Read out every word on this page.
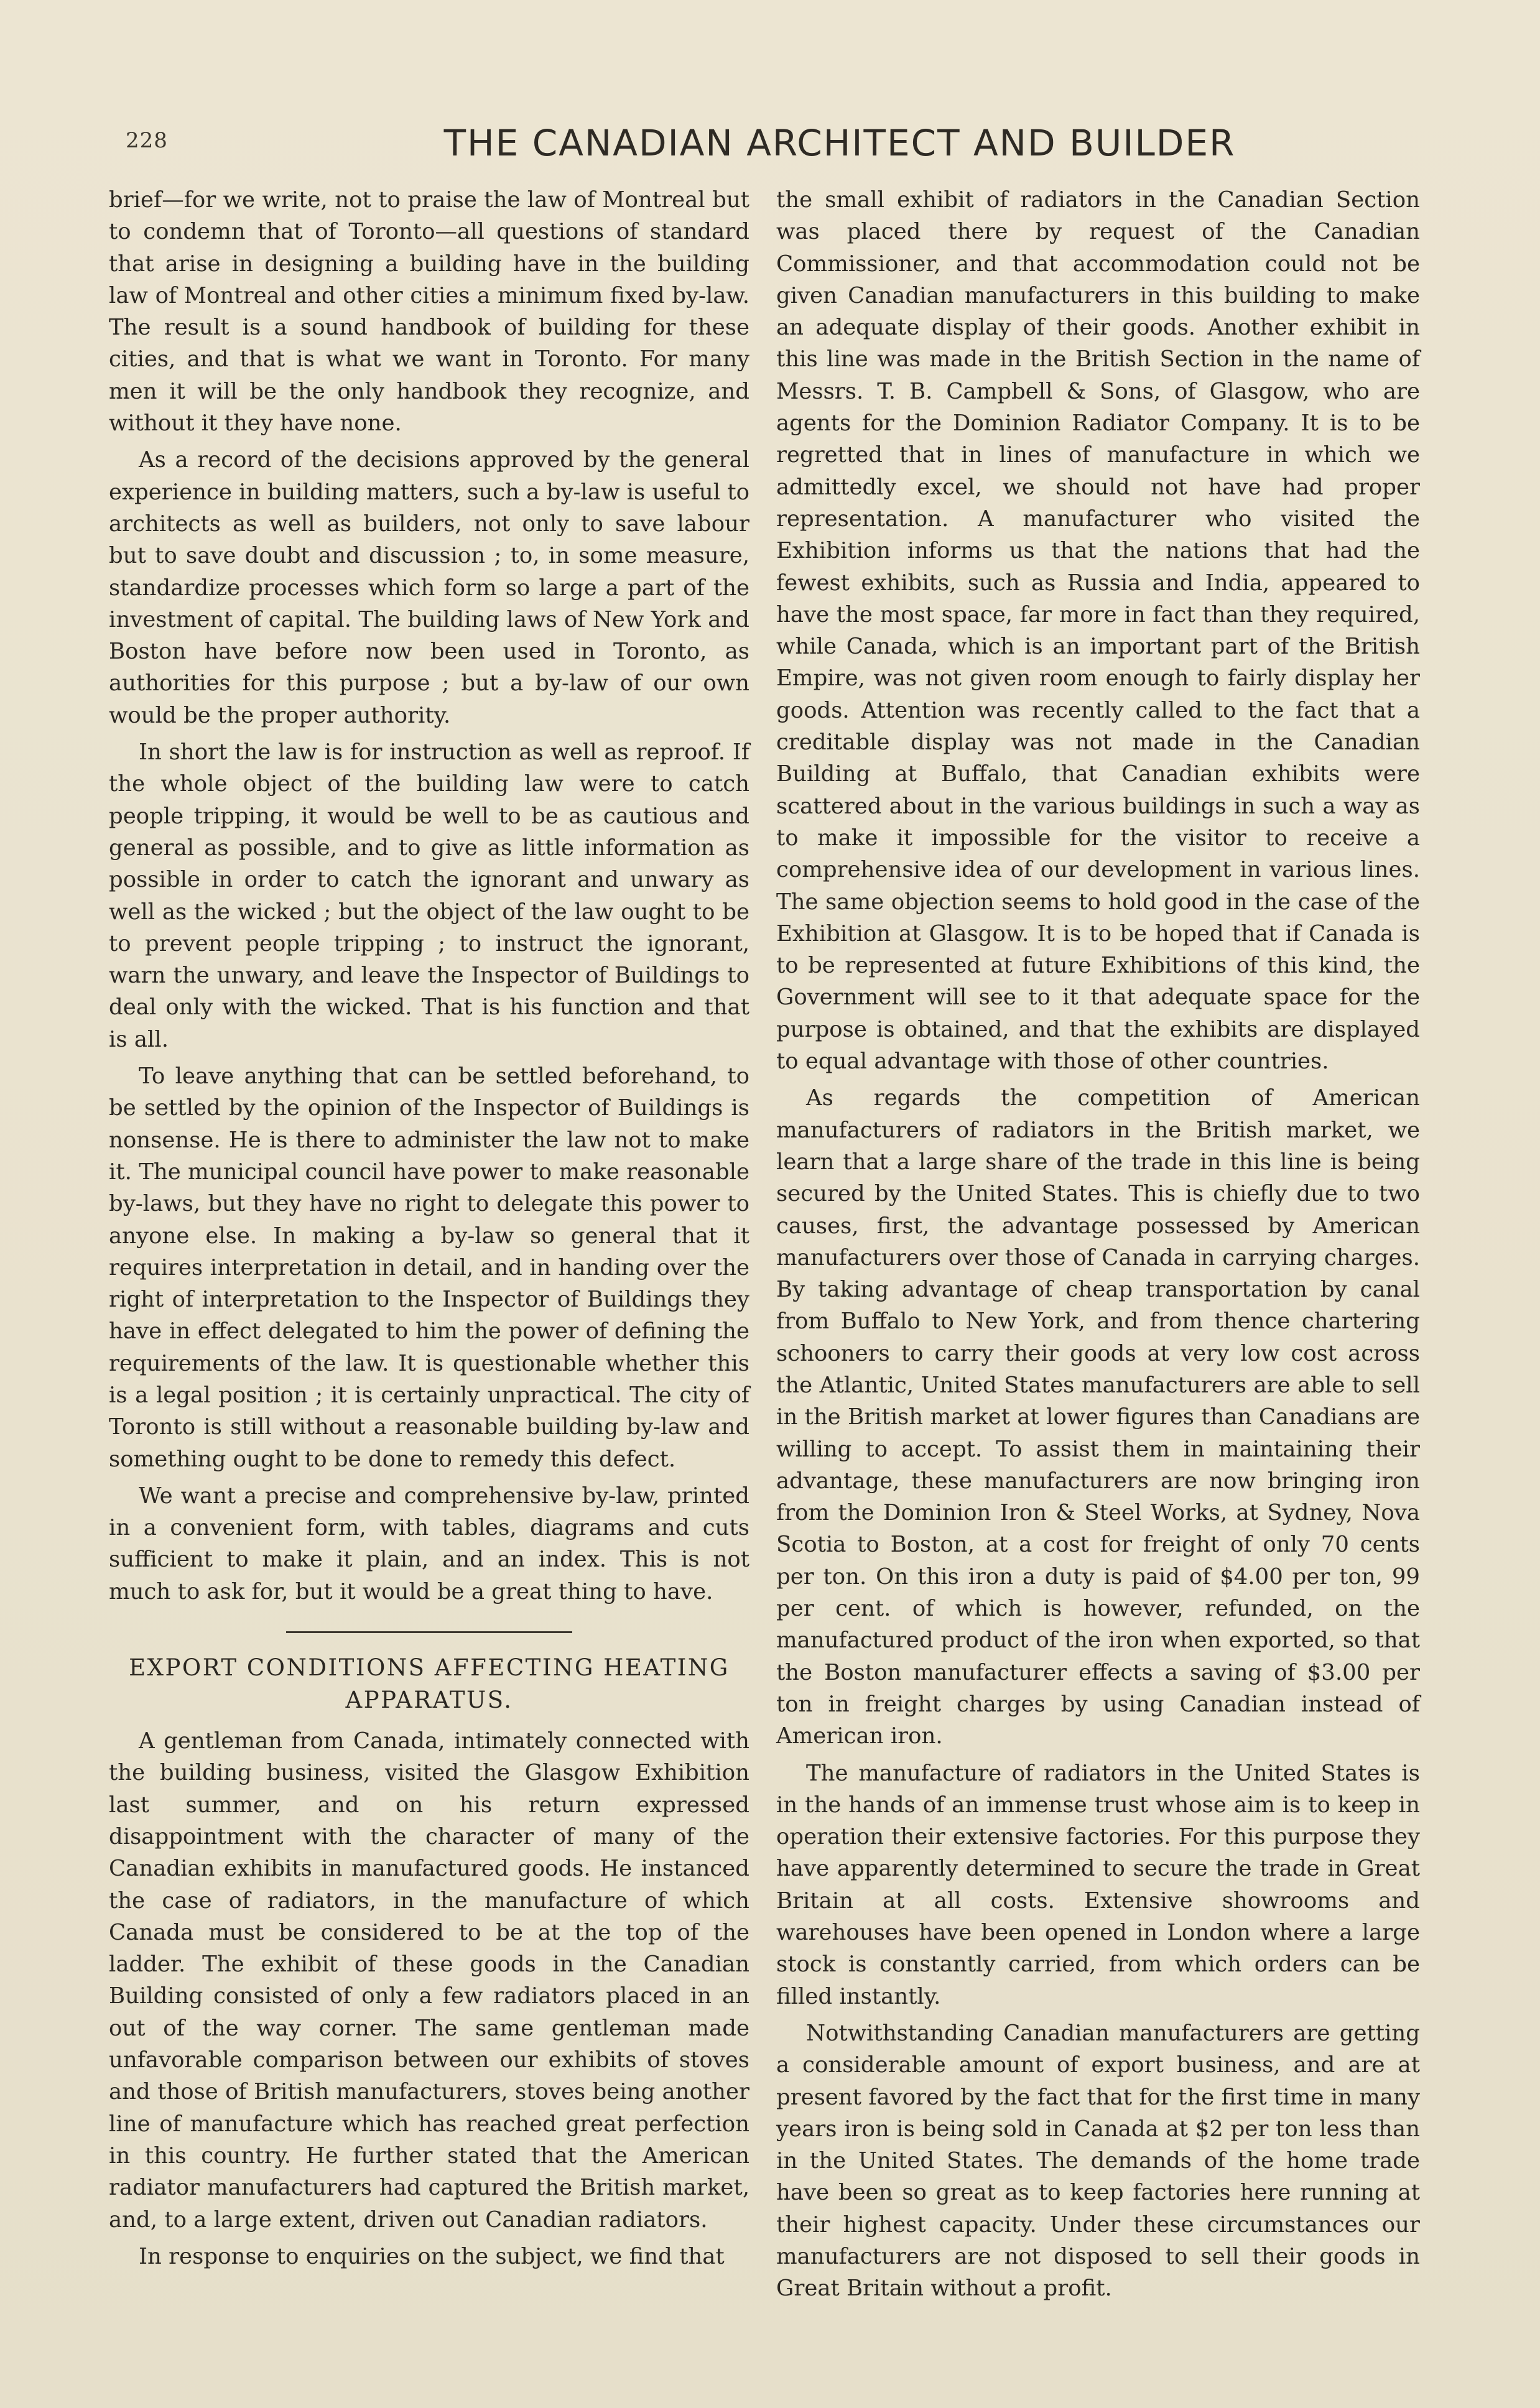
228	THE CANADIAN ARCHITECT AND BUILDER

brief—for we write, not to praise the law of Montreal but to condemn that of Toronto—all questions of standard that arise in designing a building have in the building law of Montreal and other cities a minimum fixed by-law. The result is a sound handbook of building for these cities, and that is what we want in Toronto. For many men it will be the only handbook they recognize, and without it they have none.

As a record of the decisions approved by the general experience in building matters, such a by-law is useful to architects as well as builders, not only to save labour but to save doubt and discussion ; to, in some measure, standardize processes which form so large a part of the investment of capital. The building laws of New York and Boston have before now been used in Toronto, as authorities for this purpose ; but a by-law of our own would be the proper authority.

In short the law is for instruction as well as reproof. If the whole object of the building law were to catch people tripping, it would be well to be as cautious and general as possible, and to give as little information as possible in order to catch the ignorant and unwary as well as the wicked ; but the object of the law ought to be to prevent people tripping ; to instruct the ignorant, warn the unwary, and leave the Inspector of Buildings to deal only with the wicked. That is his function and that is all.

To leave anything that can be settled beforehand, to be settled by the opinion of the Inspector of Buildings is nonsense. He is there to administer the law not to make it. The municipal council have power to make reasonable by-laws, but they have no right to delegate this power to anyone else. In making a by-law so general that it requires interpretation in detail, and in handing over the right of interpretation to the Inspector of Buildings they have in effect delegated to him the power of defining the requirements of the law. It is questionable whether this is a legal position ; it is certainly unpractical. The city of Toronto is still without a reasonable building by-law and something ought to be done to remedy this defect.

We want a precise and comprehensive by-law, printed in a convenient form, with tables, diagrams and cuts sufficient to make it plain, and an index. This is not much to ask for, but it would be a great thing to have.

EXPORT CONDITIONS AFFECTING HEATING
APPARATUS.

A gentleman from Canada, intimately connected with the building business, visited the Glasgow Exhibition last summer, and on his return expressed disappointment with the character of many of the Canadian exhibits in manufactured goods. He instanced the case of radiators, in the manufacture of which Canada must be considered to be at the top of the ladder. The exhibit of these goods in the Canadian Building consisted of only a few radiators placed in an out of the way corner. The same gentleman made unfavorable comparison between our exhibits of stoves and those of British manufacturers, stoves being another line of manufacture which has reached great perfection in this country. He further stated that the American radiator manufacturers had captured the British market, and, to a large extent, driven out Canadian radiators.

In response to enquiries on the subject, we find that

the small exhibit of radiators in the Canadian Section was placed there by request of the Canadian Commissioner, and that accommodation could not be given Canadian manufacturers in this building to make an adequate display of their goods. Another exhibit in this line was made in the British Section in the name of Messrs. T. B. Campbell & Sons, of Glasgow, who are agents for the Dominion Radiator Company. It is to be regretted that in lines of manufacture in which we admittedly excel, we should not have had proper representation. A manufacturer who visited the Exhibition informs us that the nations that had the fewest exhibits, such as Russia and India, appeared to have the most space, far more in fact than they required, while Canada, which is an important part of the British Empire, was not given room enough to fairly display her goods. Attention was recently called to the fact that a creditable display was not made in the Canadian Building at Buffalo, that Canadian exhibits were scattered about in the various buildings in such a way as to make it impossible for the visitor to receive a comprehensive idea of our development in various lines. The same objection seems to hold good in the case of the Exhibition at Glasgow. It is to be hoped that if Canada is to be represented at future Exhibitions of this kind, the Government will see to it that adequate space for the purpose is obtained, and that the exhibits are displayed to equal advantage with those of other countries.

As regards the competition of American manufacturers of radiators in the British market, we learn that a large share of the trade in this line is being secured by the United States. This is chiefly due to two causes, first, the advantage possessed by American manufacturers over those of Canada in carrying charges. By taking advantage of cheap transportation by canal from Buffalo to New York, and from thence chartering schooners to carry their goods at very low cost across the Atlantic, United States manufacturers are able to sell in the British market at lower figures than Canadians are willing to accept. To assist them in maintaining their advantage, these manufacturers are now bringing iron from the Dominion Iron & Steel Works, at Sydney, Nova Scotia to Boston, at a cost for freight of only 70 cents per ton. On this iron a duty is paid of $4.00 per ton, 99 per cent. of which is however, refunded, on the manufactured product of the iron when exported, so that the Boston manufacturer effects a saving of $3.00 per ton in freight charges by using Canadian instead of American iron.

The manufacture of radiators in the United States is in the hands of an immense trust whose aim is to keep in operation their extensive factories. For this purpose they have apparently determined to secure the trade in Great Britain at all costs. Extensive showrooms and warehouses have been opened in London where a large stock is constantly carried, from which orders can be filled instantly.

Notwithstanding Canadian manufacturers are getting a considerable amount of export business, and are at present favored by the fact that for the first time in many years iron is being sold in Canada at $2 per ton less than in the United States. The demands of the home trade have been so great as to keep factories here running at their highest capacity. Under these circumstances our manufacturers are not disposed to sell their goods in Great Britain without a profit.
